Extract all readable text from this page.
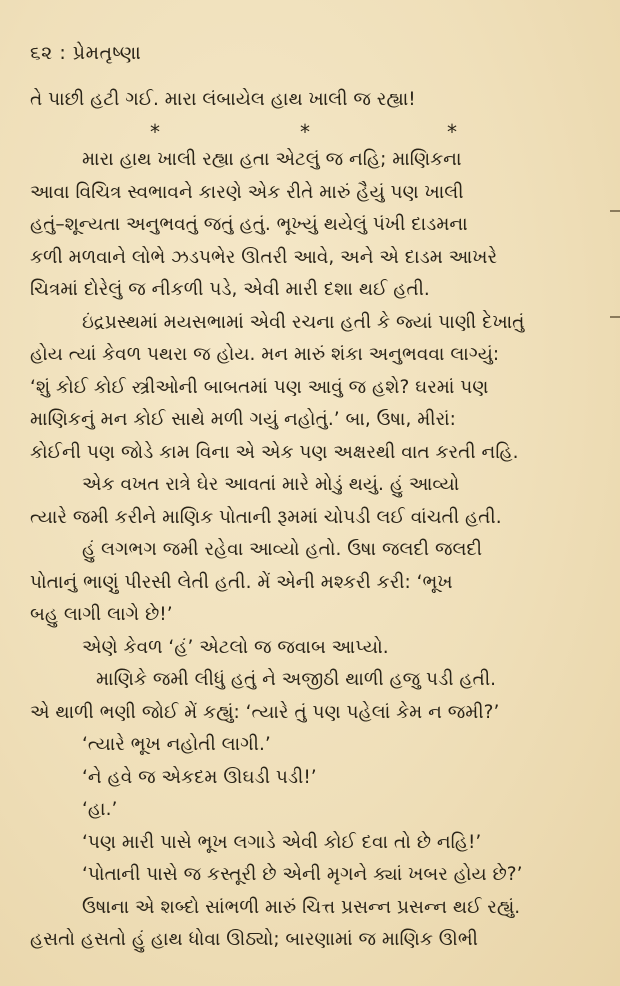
૬૨ : પ્રેમતૃષ્ણા
તે પાછી હટી ગઈ. મારા લંબાયેલ હાથ ખાલી જ રહ્યા!
*	*	*
મારા હાથ ખાલી રહ્યા હતા એટલું જ નહિ; માણિકના
આવા વિચિત્ર સ્વભાવને કારણે એક રીતે મારું હૈયું પણ ખાલી
હતું–શૂન્યતા અનુભવતું જતું હતું. ભૂખ્યું થયેલું પંખી દાડમના
કળી મળવાને લોભે ઝડપભેર ઊતરી આવે, અને એ દાડમ આખરે
ચિત્રમાં દોરેલું જ નીકળી પડે, એવી મારી દશા થઈ હતી.
ઇંદ્રપ્રસ્થમાં મયસભામાં એવી રચના હતી કે જ્યાં પાણી દેખાતું
હોય ત્યાં કેવળ પથરા જ હોય. મન મારું શંકા અનુભવવા લાગ્યું:
‘શું કોઈ કોઈ સ્ત્રીઓની બાબતમાં પણ આવું જ હશે? ઘરમાં પણ
માણિકનું મન કોઈ સાથે મળી ગયું નહોતું.’ બા, ઉષા, મીરાં:
કોઈની પણ જોડે કામ વિના એ એક પણ અક્ષરથી વાત કરતી નહિ.
એક વખત રાત્રે ઘેર આવતાં મારે મોડું થયું. હું આવ્યો
ત્યારે જમી કરીને માણિક પોતાની રૂમમાં ચોપડી લઈ વાંચતી હતી.
હું લગભગ જમી રહેવા આવ્યો હતો. ઉષા જલદી જલદી
પોતાનું ભાણું પીરસી લેતી હતી. મેં એની મશ્કરી કરી: ‘ભૂખ
બહુ લાગી લાગે છે!’
એણે કેવળ ‘હં’ એટલો જ જવાબ આપ્યો.
માણિકે જમી લીધું હતું ને અજીઠી થાળી હજુ પડી હતી.
એ થાળી ભણી જોઈ મેં કહ્યું: ‘ત્યારે તું પણ પહેલાં કેમ ન જમી?’
‘ત્યારે ભૂખ નહોતી લાગી.’
‘ને હવે જ એકદમ ઊઘડી પડી!’
‘હા.’
‘પણ મારી પાસે ભૂખ લગાડે એવી કોઈ દવા તો છે નહિ!’
‘પોતાની પાસે જ કસ્તૂરી છે એની મૃગને ક્યાં ખબર હોય છે?’
ઉષાના એ શબ્દો સાંભળી મારું ચિત્ત પ્રસન્ન પ્રસન્ન થઈ રહ્યું.
હસતો હસતો હું હાથ ધોવા ઊઠ્યો; બારણામાં જ માણિક ઊભી
